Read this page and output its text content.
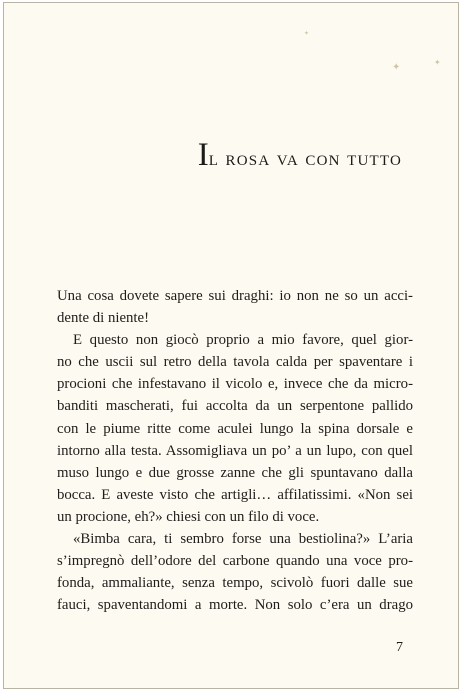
✦	✦
✦
Il rosa va con tutto
Una cosa dovete sapere sui draghi: io non ne so un acci-
dente di niente!
E questo non giocò proprio a mio favore, quel gior-
no che uscii sul retro della tavola calda per spaventare i
procioni che infestavano il vicolo e, invece che da micro-
banditi mascherati, fui accolta da un serpentone pallido
con le piume ritte come aculei lungo la spina dorsale e
intorno alla testa. Assomigliava un po’ a un lupo, con quel
muso lungo e due grosse zanne che gli spuntavano dalla
bocca. E aveste visto che artigli… affilatissimi. «Non sei
un procione, eh?» chiesi con un filo di voce.
«Bimba cara, ti sembro forse una bestiolina?» L’aria
s’impregnò dell’odore del carbone quando una voce pro-
fonda, ammaliante, senza tempo, scivolò fuori dalle sue
fauci, spaventandomi a morte. Non solo c’era un drago
7
